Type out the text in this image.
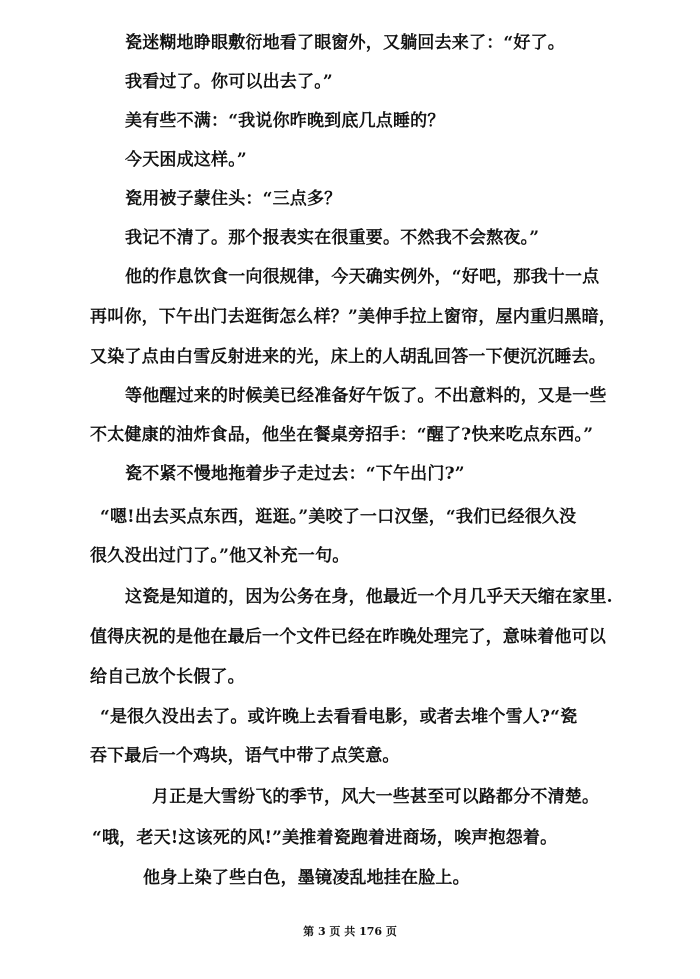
瓷迷糊地睁眼敷衍地看了眼窗外，又躺回去来了：“好了。
我看过了。你可以出去了。”
美有些不满：“我说你昨晚到底几点睡的？
今天困成这样。”
瓷用被子蒙住头：“三点多？
我记不清了。那个报表实在很重要。不然我不会熬夜。”
他的作息饮食一向很规律，今天确实例外，“好吧，那我十一点
再叫你，下午出门去逛街怎么样？”美伸手拉上窗帘，屋内重归黑暗，
又染了点由白雪反射进来的光，床上的人胡乱回答一下便沉沉睡去。
等他醒过来的时候美已经准备好午饭了。不出意料的，又是一些
不太健康的油炸食品，他坐在餐桌旁招手：“醒了?快来吃点东西。”
瓷不紧不慢地拖着步子走过去：“下午出门?”
“嗯!出去买点东西，逛逛。”美咬了一口汉堡，“我们已经很久没
很久没出过门了。”他又补充一句。
这瓷是知道的，因为公务在身，他最近一个月几乎天天缩在家里.
值得庆祝的是他在最后一个文件已经在昨晚处理完了，意味着他可以
给自己放个长假了。
“是很久没出去了。或许晚上去看看电影，或者去堆个雪人?“瓷
吞下最后一个鸡块，语气中带了点笑意。
月正是大雪纷飞的季节，风大一些甚至可以路都分不清楚。
“哦，老天!这该死的风!”美推着瓷跑着进商场，唉声抱怨着。
他身上染了些白色，墨镜凌乱地挂在脸上。
第 3 页 共 176 页
